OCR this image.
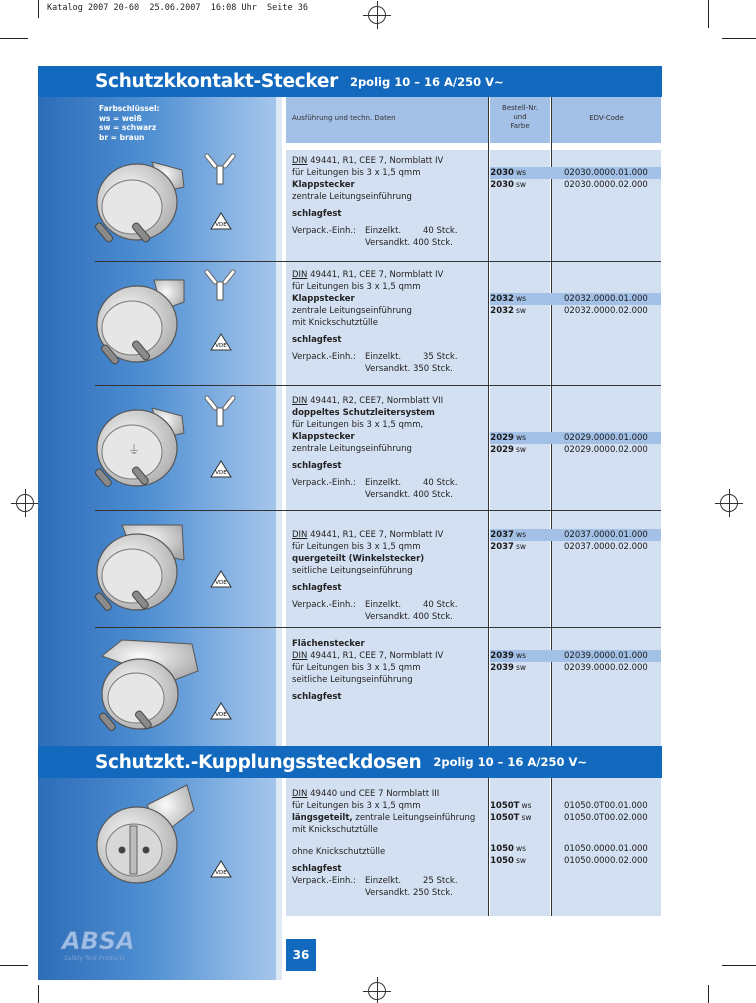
Katalog 2007 20-60  25.06.2007  16:08 Uhr  Seite 36
Schutzkkontakt-Stecker 2polig 10 – 16 A/250 V~
Farbschlüssel:
ws = weiß
sw = schwarz
br = braun
Ausführung und techn. Daten
Bestell-Nr.
und
Farbe
EDV-Code
DIN 49441, R1, CEE 7, Normblatt IV
für Leitungen bis 3 x 1,5 qmm
Klappstecker
zentrale Leitungseinführung
schlagfest
Verpack.-Einh.:	Einzelkt.	40 Stck.
Versandkt. 400 Stck.
2030 ws	02030.0000.01.000
2030 sw	02030.0000.02.000
DIN 49441, R1, CEE 7, Normblatt IV
für Leitungen bis 3 x 1,5 qmm
Klappstecker
zentrale Leitungseinführung
mit Knickschutztülle
schlagfest
Verpack.-Einh.:	Einzelkt.	35 Stck.
Versandkt. 350 Stck.
2032 ws	02032.0000.01.000
2032 sw	02032.0000.02.000
DIN 49441, R2, CEE7, Normblatt VII
doppeltes Schutzleitersystem
für Leitungen bis 3 x 1,5 qmm,
Klappstecker
zentrale Leitungseinführung
schlagfest
Verpack.-Einh.:	Einzelkt.	40 Stck.
Versandkt. 400 Stck.
2029 ws	02029.0000.01.000
2029 sw	02029.0000.02.000
DIN 49441, R1, CEE 7, Normblatt IV
für Leitungen bis 3 x 1,5 qmm
quergeteilt (Winkelstecker)
seitliche Leitungseinführung
schlagfest
Verpack.-Einh.:	Einzelkt.	40 Stck.
Versandkt. 400 Stck.
2037 ws	02037.0000.01.000
2037 sw	02037.0000.02.000
Flächenstecker
DIN 49441, R1, CEE 7, Normblatt IV
für Leitungen bis 3 x 1,5 qmm
seitliche Leitungseinführung
schlagfest
2039 ws	02039.0000.01.000
2039 sw	02039.0000.02.000
Schutzkt.-Kupplungssteckdosen 2polig 10 – 16 A/250 V~
DIN 49440 und CEE 7 Normblatt III
für Leitungen bis 3 x 1,5 qmm
längsgeteilt, zentrale Leitungseinführung
mit Knickschutztülle
ohne Knickschutztülle
schlagfest
Verpack.-Einh.:	Einzelkt.	25 Stck.
Versandkt. 250 Stck.
1050T ws	01050.0T00.01.000
1050T sw	01050.0T00.02.000
1050 ws	01050.0000.01.000
1050 sw	01050.0000.02.000
⏚
VDE
VDE
VDE
VDE
VDE
VDE
ABSA
Safety first Products	36
